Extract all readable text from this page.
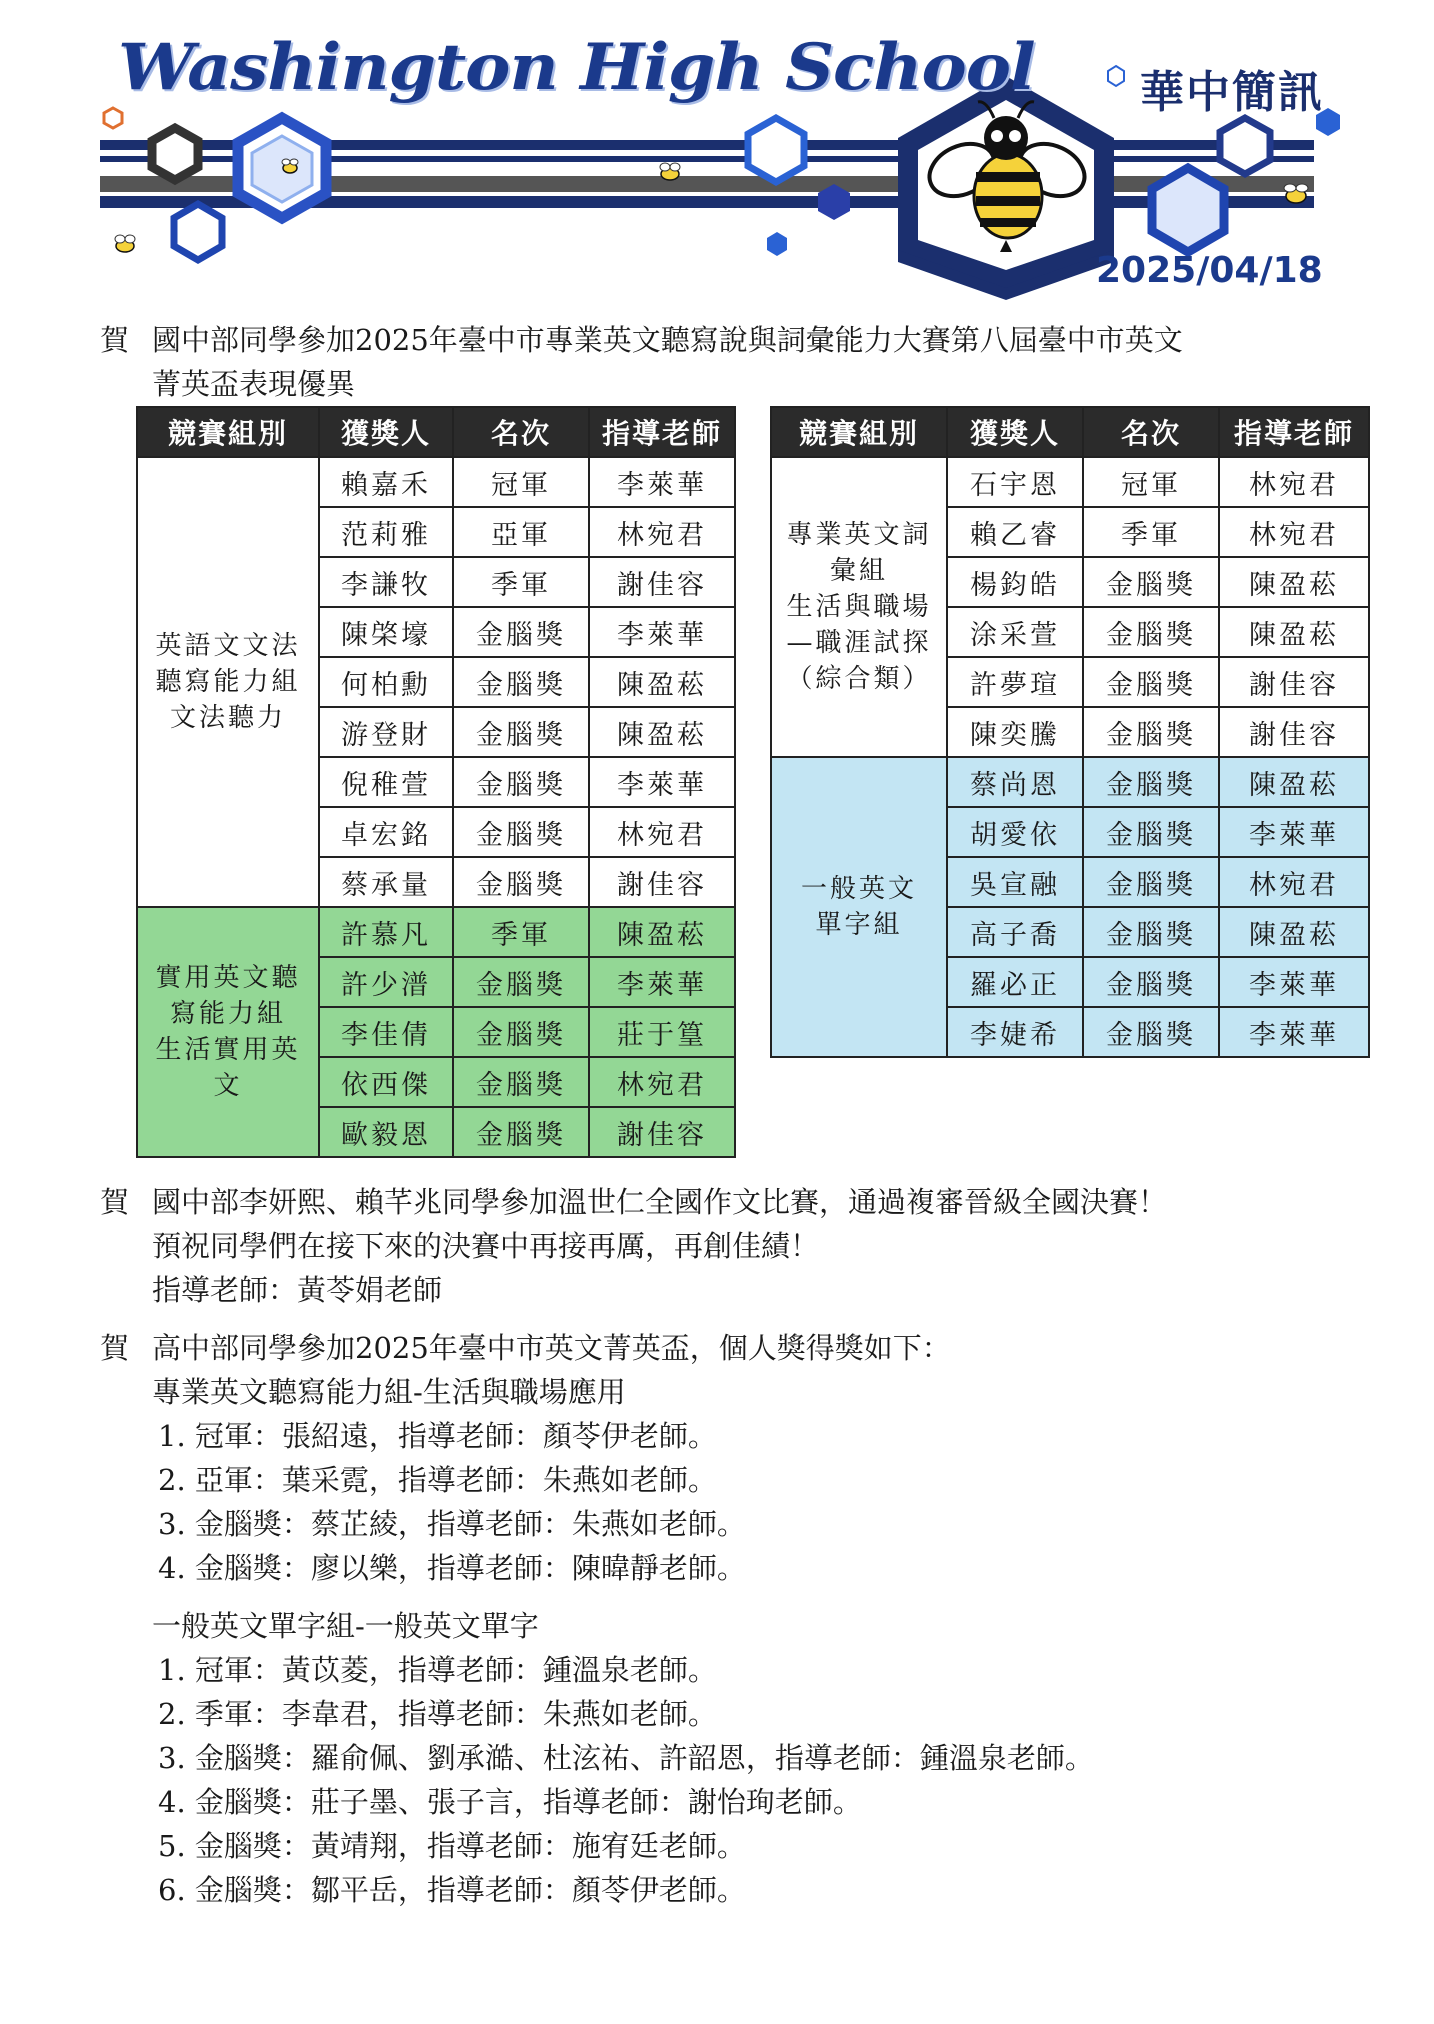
Washington High School 華中簡訊
2025/04/18
賀 國中部同學參加2025年臺中市專業英文聽寫說與詞彙能力大賽第八屆臺中市英文
菁英盃表現優異
競賽組別	獲獎人	名次	指導老師

英語文文法
聽寫能力組
文法聽力	賴嘉禾	冠軍	李萊華
	范莉雅	亞軍	林宛君
	李謙牧	季軍	謝佳容
	陳棨壕	金腦獎	李萊華
	何柏勳	金腦獎	陳盈菘
	游登財	金腦獎	陳盈菘
	倪稚萱	金腦獎	李萊華
	卓宏銘	金腦獎	林宛君
	蔡承量	金腦獎	謝佳容

實用英文聽
寫能力組
生活實用英
文	許慕凡	季軍	陳盈菘
	許少潽	金腦獎	李萊華
	李佳倩	金腦獎	莊于篁
	依西傑	金腦獎	林宛君
	歐毅恩	金腦獎	謝佳容
競賽組別	獲獎人	名次	指導老師

專業英文詞
彙組
生活與職場
—職涯試探
（綜合類）	石宇恩	冠軍	林宛君
	賴乙睿	季軍	林宛君
	楊鈞皓	金腦獎	陳盈菘
	涂采萱	金腦獎	陳盈菘
	許夢瑄	金腦獎	謝佳容
	陳奕騰	金腦獎	謝佳容

一般英文
單字組	蔡尚恩	金腦獎	陳盈菘
	胡愛依	金腦獎	李萊華
	吳宣融	金腦獎	林宛君
	高子喬	金腦獎	陳盈菘
	羅必正	金腦獎	李萊華
	李婕希	金腦獎	李萊華
賀 國中部李妍熙、賴芊兆同學參加溫世仁全國作文比賽，通過複審晉級全國決賽！
預祝同學們在接下來的決賽中再接再厲，再創佳績！
指導老師：黃苓娟老師
賀 高中部同學參加2025年臺中市英文菁英盃，個人獎得獎如下：
專業英文聽寫能力組-生活與職場應用
1. 冠軍：張紹遠，指導老師：顏苓伊老師。
2. 亞軍：葉采霓，指導老師：朱燕如老師。
3. 金腦獎：蔡芷綾，指導老師：朱燕如老師。
4. 金腦獎：廖以樂，指導老師：陳暐靜老師。
一般英文單字組-一般英文單字
1. 冠軍：黃苡菱，指導老師：鍾溫泉老師。
2. 季軍：李韋君，指導老師：朱燕如老師。
3. 金腦獎：羅俞佩、劉承澔、杜泫祐、許韶恩，指導老師：鍾溫泉老師。
4. 金腦獎：莊子墨、張子言，指導老師：謝怡珣老師。
5. 金腦獎：黃靖翔，指導老師：施宥廷老師。
6. 金腦獎：鄒平岳，指導老師：顏苓伊老師。
